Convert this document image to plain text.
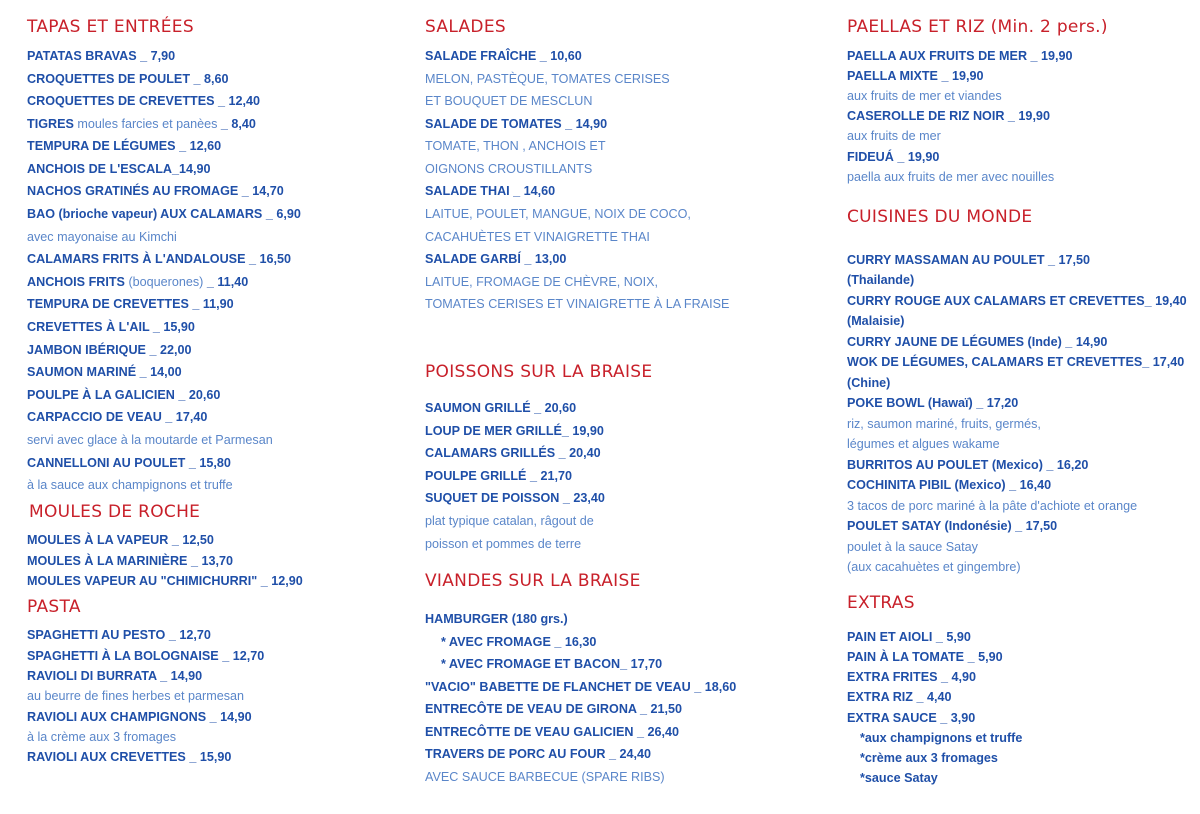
TAPAS ET ENTRÉES
PATATAS BRAVAS _ 7,90
CROQUETTES DE POULET _ 8,60
CROQUETTES DE CREVETTES _ 12,40
TIGRES moules farcies et panèes _ 8,40
TEMPURA DE LÉGUMES _ 12,60
ANCHOIS DE L'ESCALA_14,90
NACHOS GRATINÉS AU FROMAGE _ 14,70
BAO (brioche vapeur) AUX CALAMARS _ 6,90
avec mayonaise au Kimchi
CALAMARS FRITS À L'ANDALOUSE _ 16,50
ANCHOIS FRITS (boquerones) _ 11,40
TEMPURA DE CREVETTES _ 11,90
CREVETTES À L'AIL _ 15,90
JAMBON IBÉRIQUE _ 22,00
SAUMON MARINÉ _ 14,00
POULPE À LA GALICIEN _ 20,60
CARPACCIO DE VEAU _ 17,40
servi avec glace à la moutarde et Parmesan
CANNELLONI AU POULET _ 15,80
à la sauce aux champignons et truffe
MOULES DE ROCHE
MOULES À LA VAPEUR _ 12,50
MOULES À LA MARINIÈRE _ 13,70
MOULES VAPEUR AU "CHIMICHURRI" _ 12,90
PASTA
SPAGHETTI AU PESTO _ 12,70
SPAGHETTI À LA BOLOGNAISE _ 12,70
RAVIOLI DI BURRATA _ 14,90
au beurre de fines herbes et parmesan
RAVIOLI AUX CHAMPIGNONS _ 14,90
à la crème aux 3 fromages
RAVIOLI AUX CREVETTES _ 15,90
SALADES
SALADE FRAÎCHE _ 10,60
MELON, PASTÈQUE, TOMATES CERISES
ET BOUQUET DE MESCLUN
SALADE DE TOMATES _ 14,90
TOMATE, THON , ANCHOIS ET
OIGNONS CROUSTILLANTS
SALADE THAI _ 14,60
LAITUE, POULET, MANGUE, NOIX DE COCO,
CACAHUÈTES ET VINAIGRETTE THAI
SALADE GARBÍ _ 13,00
LAITUE, FROMAGE DE CHÈVRE, NOIX,
TOMATES CERISES ET VINAIGRETTE À LA FRAISE
POISSONS SUR LA BRAISE
SAUMON GRILLÉ _ 20,60
LOUP DE MER GRILLÉ_ 19,90
CALAMARS GRILLÉS _ 20,40
POULPE GRILLÉ _ 21,70
SUQUET DE POISSON _ 23,40
plat typique catalan, râgout de
poisson et pommes de terre
VIANDES SUR LA BRAISE
HAMBURGER (180 grs.)
* AVEC FROMAGE _ 16,30
* AVEC FROMAGE ET BACON_ 17,70
"VACIO" BABETTE DE FLANCHET DE VEAU _ 18,60
ENTRECÔTE DE VEAU DE GIRONA _ 21,50
ENTRECÔTTE DE VEAU GALICIEN _ 26,40
TRAVERS DE PORC AU FOUR _ 24,40
AVEC SAUCE BARBECUE (SPARE RIBS)
PAELLAS ET RIZ (Min. 2 pers.)
PAELLA AUX FRUITS DE MER _ 19,90
PAELLA MIXTE _ 19,90
aux fruits de mer et viandes
CASEROLLE DE RIZ NOIR _ 19,90
aux fruits de mer
FIDEUÁ _ 19,90
paella aux fruits de mer avec nouilles
CUISINES DU MONDE
CURRY MASSAMAN AU POULET _ 17,50
(Thailande)
CURRY ROUGE AUX CALAMARS ET CREVETTES_ 19,40
(Malaisie)
CURRY JAUNE DE LÉGUMES (Inde) _ 14,90
WOK DE LÉGUMES, CALAMARS ET CREVETTES_ 17,40
(Chine)
POKE BOWL (Hawaï) _ 17,20
riz, saumon mariné, fruits, germés,
légumes et algues wakame
BURRITOS AU POULET (Mexico) _ 16,20
COCHINITA PIBIL (Mexico) _ 16,40
3 tacos de porc mariné à la pâte d'achiote et orange
POULET SATAY (Indonésie) _ 17,50
poulet à la sauce Satay
(aux cacahuètes et gingembre)
EXTRAS
PAIN ET AIOLI _ 5,90
PAIN À LA TOMATE _ 5,90
EXTRA FRITES _ 4,90
EXTRA RIZ _ 4,40
EXTRA SAUCE _ 3,90
*aux champignons et truffe
*crème aux 3 fromages
*sauce Satay
